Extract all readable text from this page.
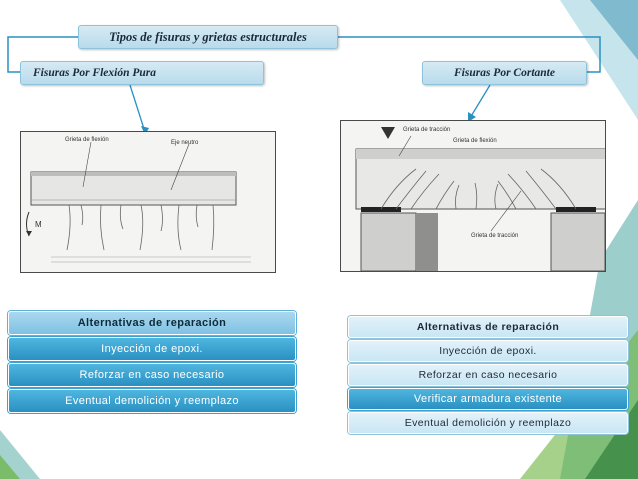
Tipos de fisuras y grietas estructurales
Fisuras Por Flexión Pura	Fisuras Por Cortante
Grieta de flexión	Eje neutro
M
Grieta de tracción
Grieta de flexión
Grieta de tracción
Alternativas de reparación
Inyección de epoxi.
Reforzar en caso necesario
Eventual demolición y reemplazo
Alternativas de reparación
Inyección de epoxi.
Reforzar en caso necesario
Verificar armadura existente
Eventual demolición y reemplazo
